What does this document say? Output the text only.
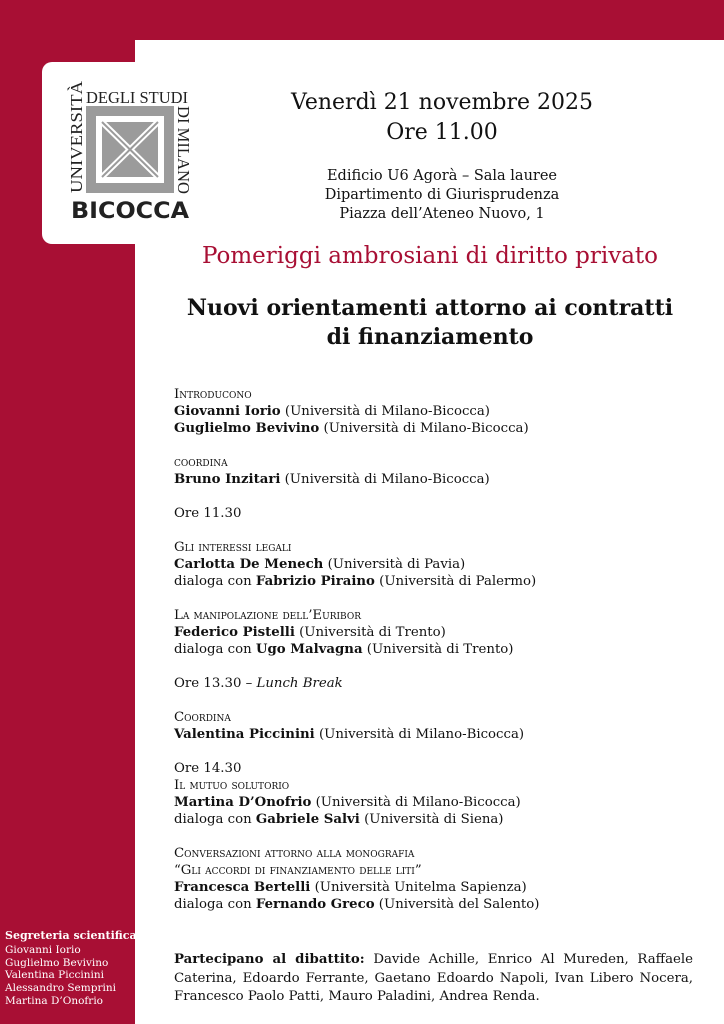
UNIVERSITÀ DEGLI STUDI
DI MILANO
BICOCCA
Venerdì 21 novembre 2025
Ore 11.00
Edificio U6 Agorà – Sala lauree
Dipartimento di Giurisprudenza
Piazza dell’Ateneo Nuovo, 1
Pomeriggi ambrosiani di diritto privato
Nuovi orientamenti attorno ai contratti
di finanziamento
Introducono
Giovanni Iorio (Università di Milano-Bicocca)
Guglielmo Bevivino (Università di Milano-Bicocca)
coordina
Bruno Inzitari (Università di Milano-Bicocca)
Ore 11.30
Gli interessi legali
Carlotta De Menech (Università di Pavia)
dialoga con Fabrizio Piraino (Università di Palermo)
La manipolazione dell’Euribor
Federico Pistelli (Università di Trento)
dialoga con Ugo Malvagna (Università di Trento)
Ore 13.30 – Lunch Break
Coordina
Valentina Piccinini (Università di Milano-Bicocca)
Ore 14.30
Il mutuo solutorio
Martina D’Onofrio (Università di Milano-Bicocca)
dialoga con Gabriele Salvi (Università di Siena)
Conversazioni attorno alla monografia
“Gli accordi di finanziamento delle liti”
Francesca Bertelli (Università Unitelma Sapienza)
dialoga con Fernando Greco (Università del Salento)
Partecipano al dibattito: Davide Achille, Enrico Al Mureden, Raffaele Caterina, Edoardo Ferrante, Gaetano Edoardo Napoli, Ivan Libero Nocera, Francesco Paolo Patti, Mauro Paladini, Andrea Renda.
Segreteria scientifica
Giovanni Iorio
Guglielmo Bevivino
Valentina Piccinini
Alessandro Semprini
Martina D’Onofrio
